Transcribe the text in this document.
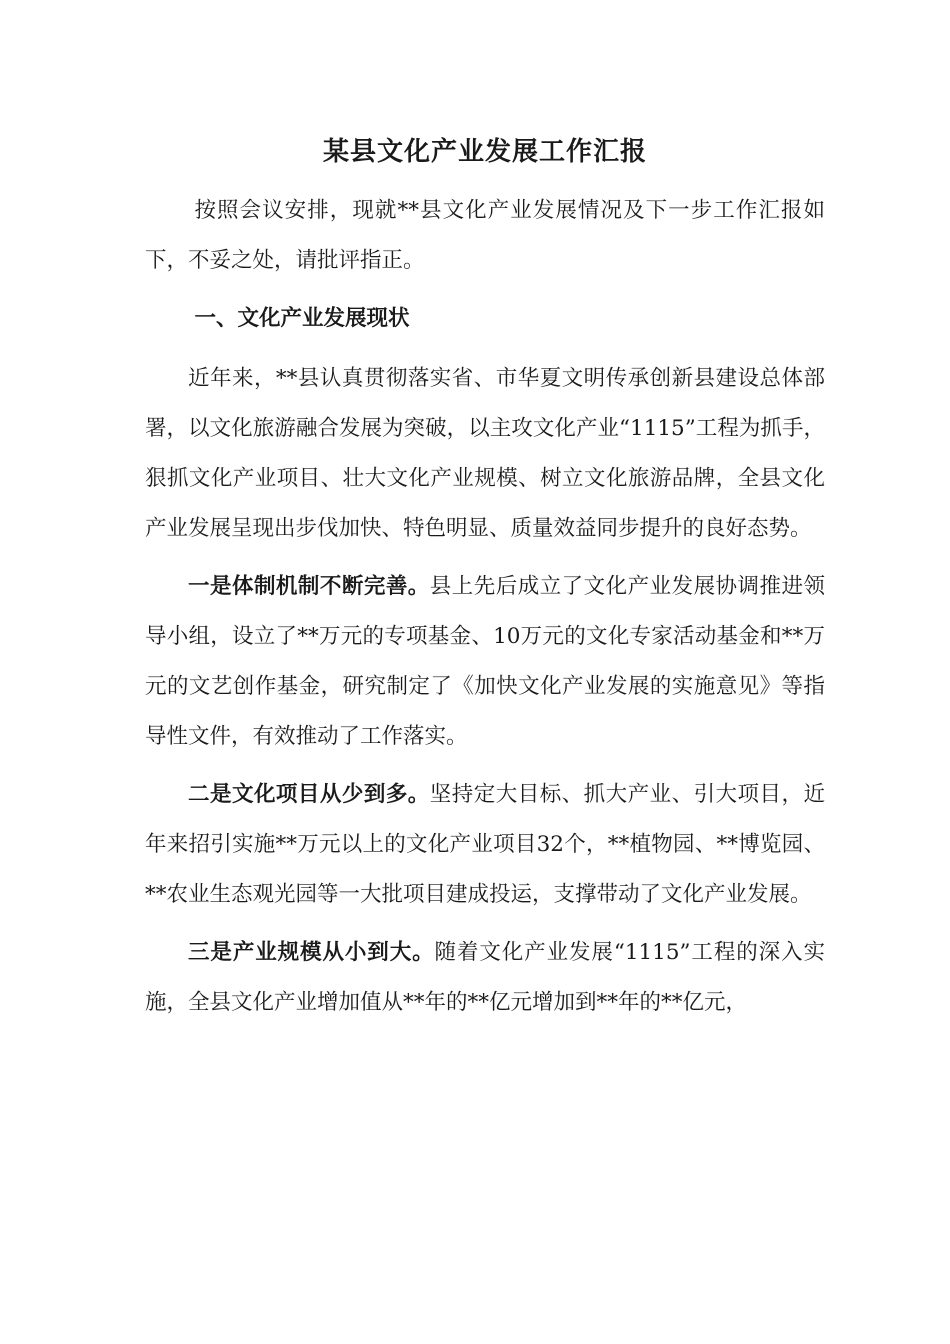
某县文化产业发展工作汇报

按照会议安排，现就**县文化产业发展情况及下一步工作汇报如下，不妥之处，请批评指正。

一、文化产业发展现状

近年来，**县认真贯彻落实省、市华夏文明传承创新县建设总体部署，以文化旅游融合发展为突破，以主攻文化产业“1115”工程为抓手，狠抓文化产业项目、壮大文化产业规模、树立文化旅游品牌，全县文化产业发展呈现出步伐加快、特色明显、质量效益同步提升的良好态势。

一是体制机制不断完善。县上先后成立了文化产业发展协调推进领导小组，设立了**万元的专项基金、10万元的文化专家活动基金和**万元的文艺创作基金，研究制定了《加快文化产业发展的实施意见》等指导性文件，有效推动了工作落实。

二是文化项目从少到多。坚持定大目标、抓大产业、引大项目，近年来招引实施**万元以上的文化产业项目32个，**植物园、**博览园、**农业生态观光园等一大批项目建成投运，支撑带动了文化产业发展。

三是产业规模从小到大。随着文化产业发展“1115”工程的深入实施，全县文化产业增加值从**年的**亿元增加到**年的**亿元，
